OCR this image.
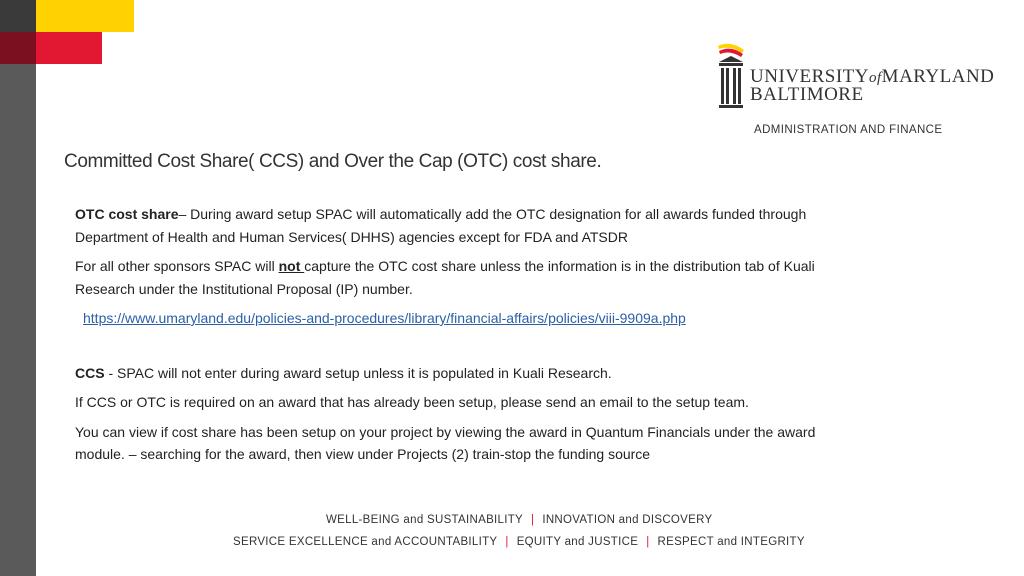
UNIVERSITYofMARYLAND
BALTIMORE
ADMINISTRATION AND FINANCE
Committed Cost Share( CCS) and Over the Cap (OTC) cost share.

OTC cost share– During award setup SPAC will automatically add the OTC designation for all awards funded through Department of Health and Human Services( DHHS) agencies except for FDA and ATSDR

For all other sponsors SPAC will not capture the OTC cost share unless the information is in the distribution tab of Kuali Research under the Institutional Proposal (IP) number.

https://www.umaryland.edu/policies-and-procedures/library/financial-affairs/policies/viii-9909a.php

CCS - SPAC will not enter during award setup unless it is populated in Kuali Research.

If CCS or OTC is required on an award that has already been setup, please send an email to the setup team.

You can view if cost share has been setup on your project by viewing the award in Quantum Financials under the award module. – searching for the award, then view under Projects (2) train-stop the funding source

WELL-BEING and SUSTAINABILITY | INNOVATION and DISCOVERY
SERVICE EXCELLENCE and ACCOUNTABILITY | EQUITY and JUSTICE | RESPECT and INTEGRITY
